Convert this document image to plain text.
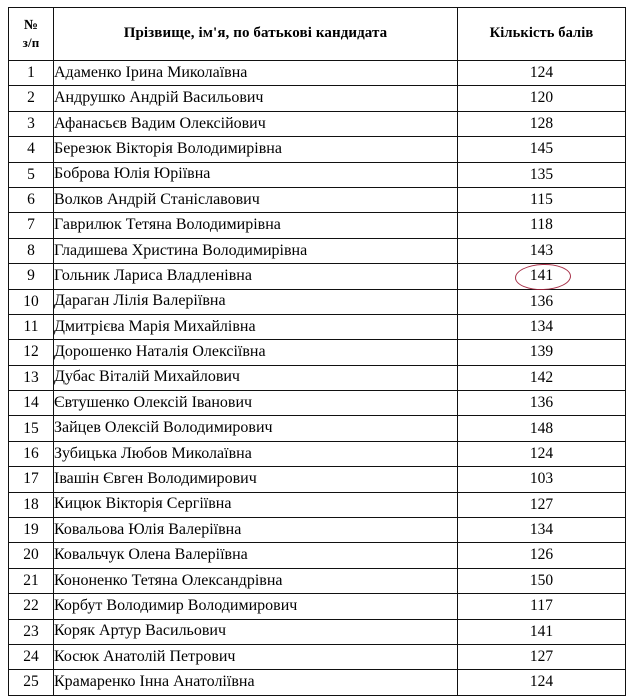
№
з/п	Прізвище, ім'я, по батькові кандидата	Кількість балів
1	Адаменко Ірина Миколаївна	124
2	Андрушко Андрій Васильович	120
3	Афанасьєв Вадим Олексійович	128
4	Березюк Вікторія Володимирівна	145
5	Боброва Юлія Юріївна	135
6	Волков Андрій Станіславович	115
7	Гаврилюк Тетяна Володимирівна	118
8	Гладишева Христина Володимирівна	143
9	Гольник Лариса Владленівна	141

10	Дараган Лілія Валеріївна	136
11	Дмитрієва Марія Михайлівна	134
12	Дорошенко Наталія Олексіївна	139
13	Дубас Віталій Михайлович	142
14	Євтушенко Олексій Іванович	136
15	Зайцев Олексій Володимирович	148
16	Зубицька Любов Миколаївна	124
17	Івашін Євген Володимирович	103
18	Кицюк Вікторія Сергіївна	127
19	Ковальова Юлія Валеріївна	134
20	Ковальчук Олена Валеріївна	126
21	Кононенко Тетяна Олександрівна	150
22	Корбут Володимир Володимирович	117
23	Коряк Артур Васильович	141
24	Косюк Анатолій Петрович	127
25	Крамаренко Інна Анатоліївна	124
